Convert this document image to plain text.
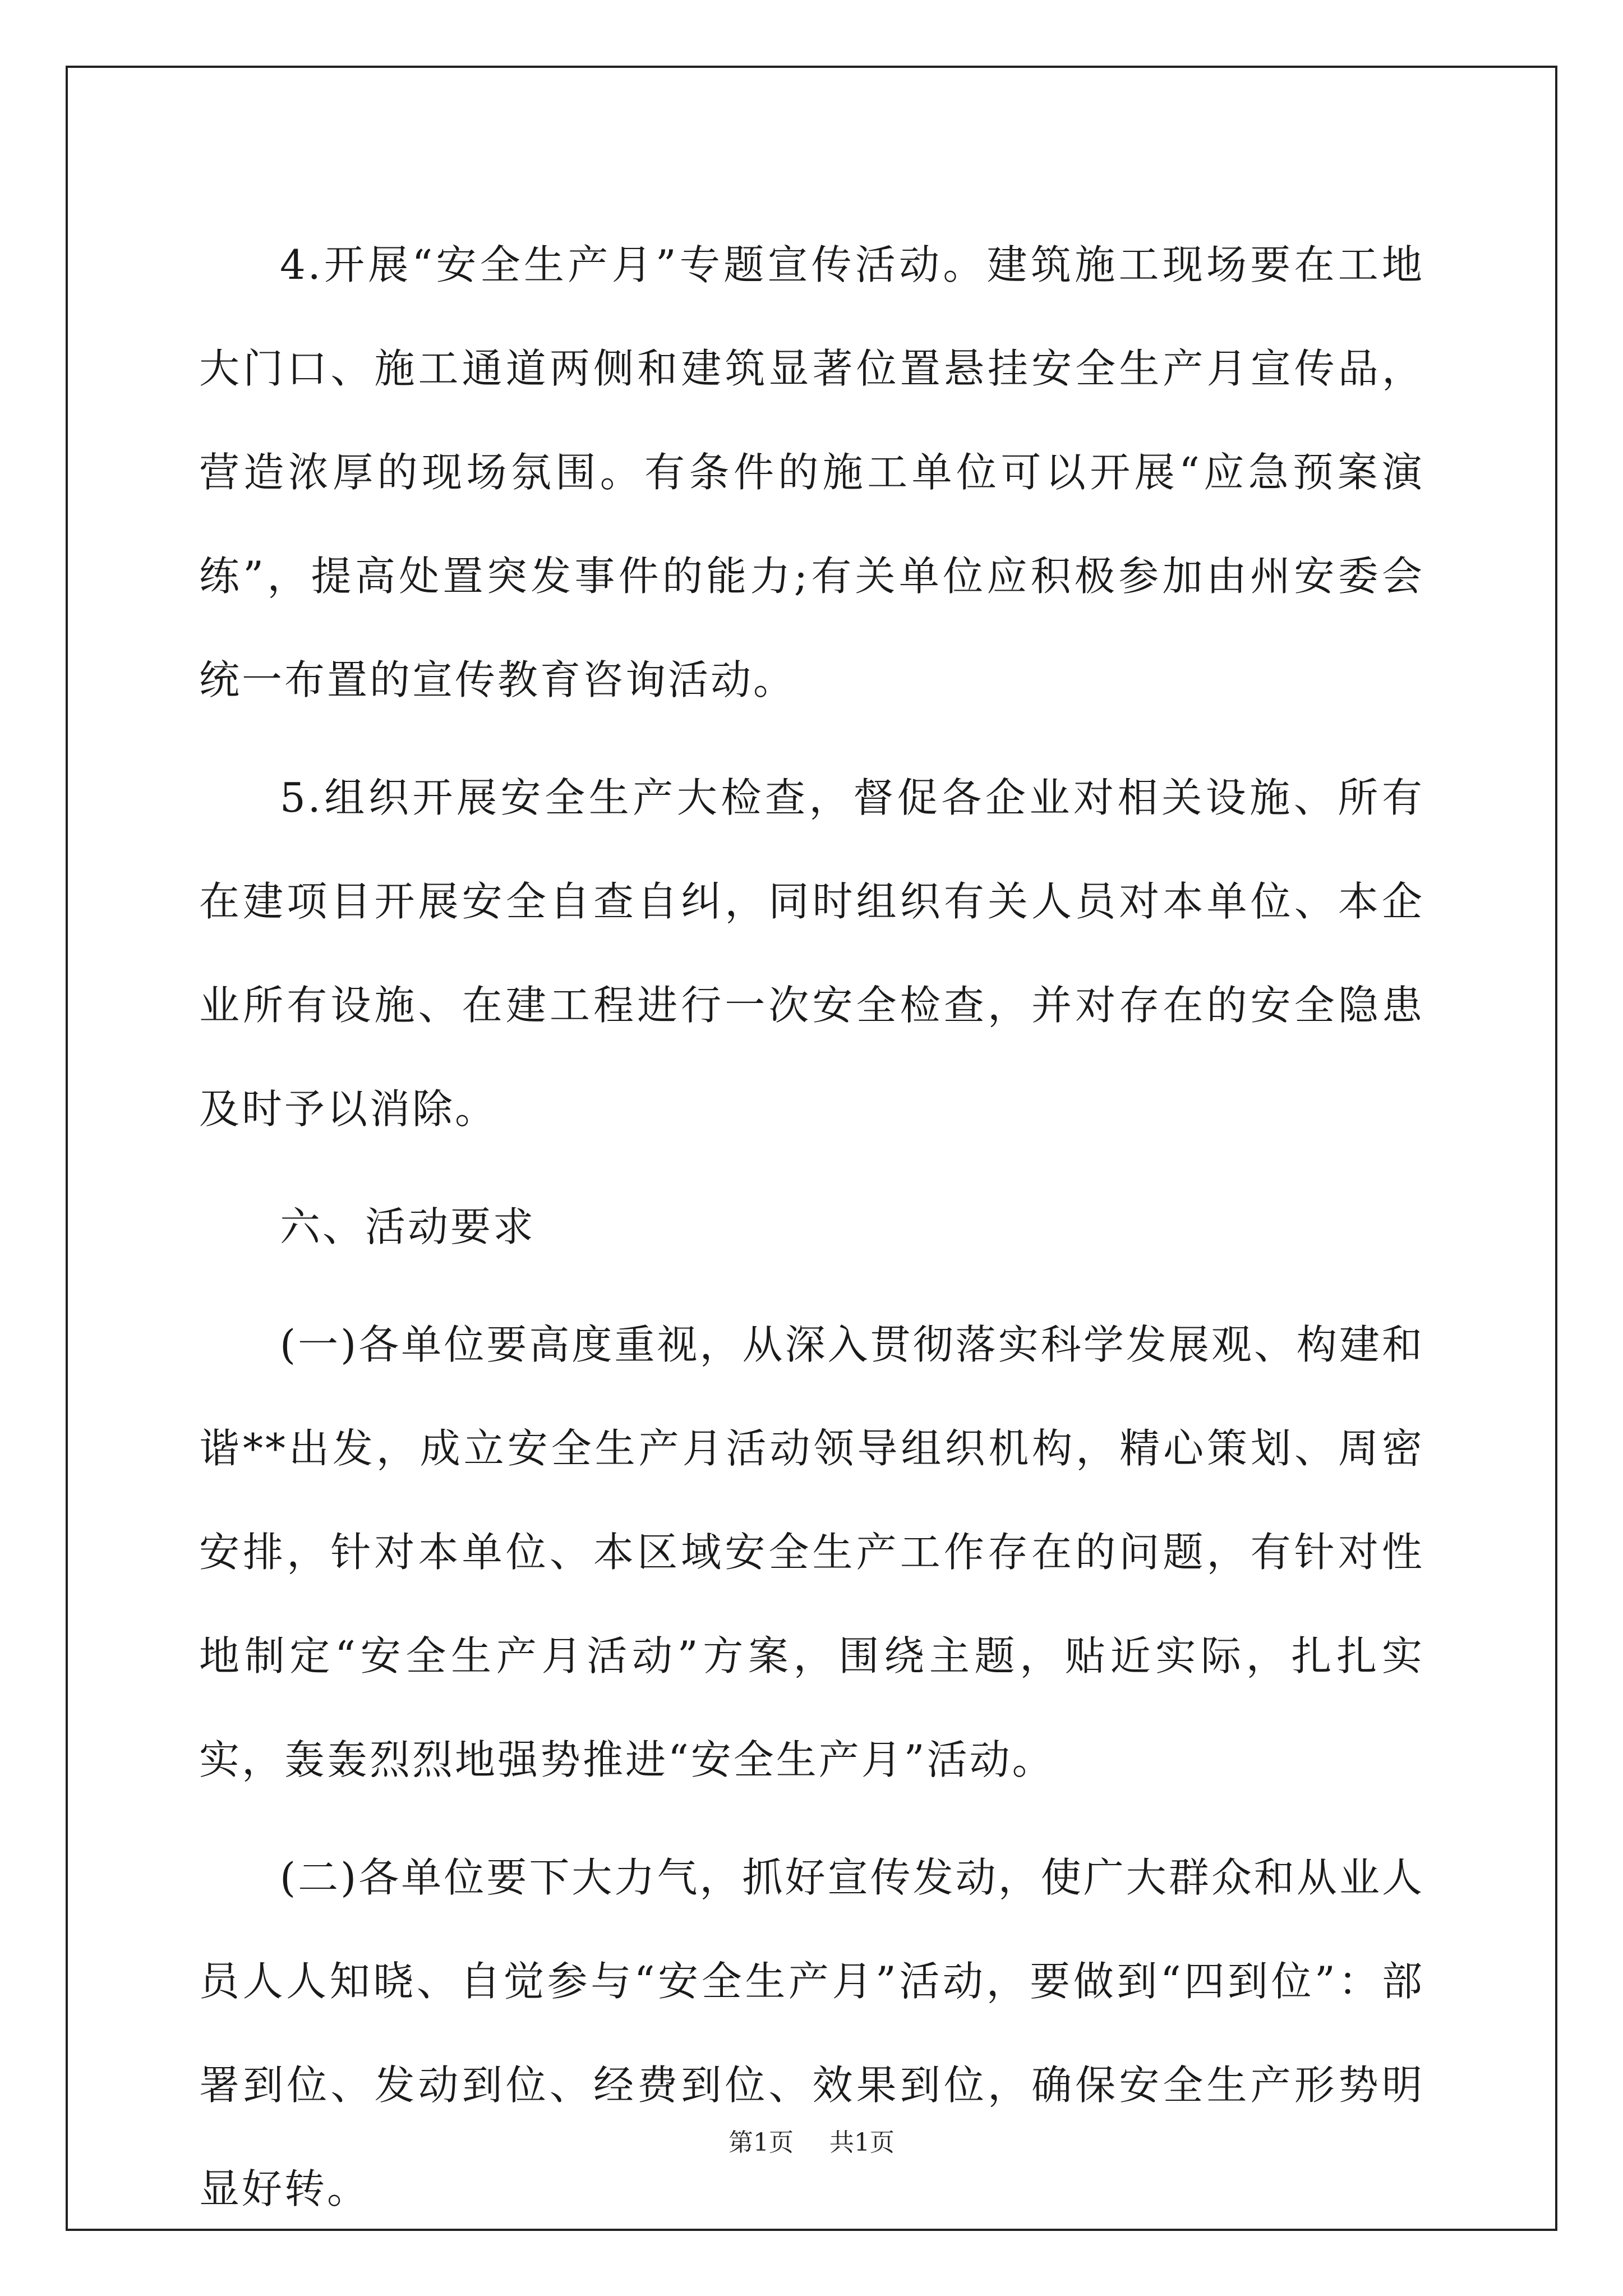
4.开展“安全生产月”专题宣传活动。建筑施工现场要在工地大门口、施工通道两侧和建筑显著位置悬挂安全生产月宣传品，营造浓厚的现场氛围。有条件的施工单位可以开展“应急预案演练”，提高处置突发事件的能力;有关单位应积极参加由州安委会统一布置的宣传教育咨询活动。

5.组织开展安全生产大检查，督促各企业对相关设施、所有在建项目开展安全自查自纠，同时组织有关人员对本单位、本企业所有设施、在建工程进行一次安全检查，并对存在的安全隐患及时予以消除。

六、活动要求

(一)各单位要高度重视，从深入贯彻落实科学发展观、构建和谐**出发，成立安全生产月活动领导组织机构，精心策划、周密安排，针对本单位、本区域安全生产工作存在的问题，有针对性地制定“安全生产月活动”方案，围绕主题，贴近实际，扎扎实实，轰轰烈烈地强势推进“安全生产月”活动。

(二)各单位要下大力气，抓好宣传发动，使广大群众和从业人员人人知晓、自觉参与“安全生产月”活动，要做到“四到位”：部署到位、发动到位、经费到位、效果到位，确保安全生产形势明显好转。

第1页 共1页
